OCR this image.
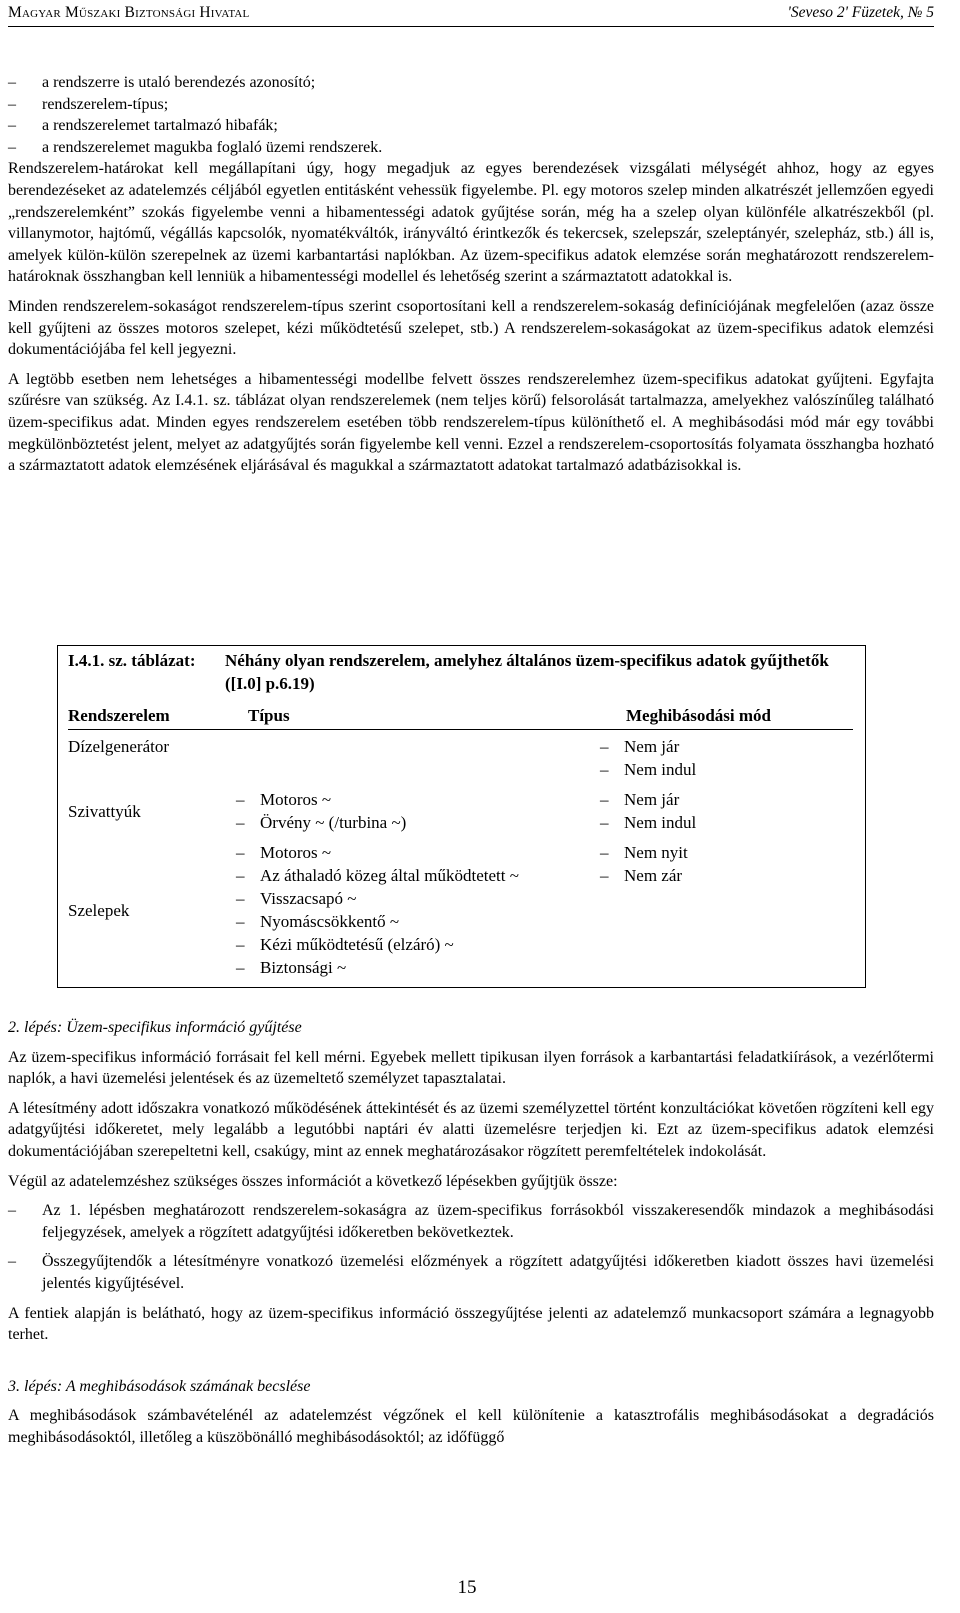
Magyar Műszaki Biztonsági Hivatal	'Seveso 2' Füzetek, № 5
– a rendszerre is utaló berendezés azonosító;
– rendszerelem-típus;
– a rendszerelemet tartalmazó hibafák;
– a rendszerelemet magukba foglaló üzemi rendszerek.

Rendszerelem-határokat kell megállapítani úgy, hogy megadjuk az egyes berendezések vizsgálati mélységét ahhoz, hogy az egyes berendezéseket az adatelemzés céljából egyetlen entitásként vehessük figyelembe. Pl. egy motoros szelep minden alkatrészét jellemzően egyedi „rendszerelemként” szokás figyelembe venni a hibamentességi adatok gyűjtése során, még ha a szelep olyan különféle alkatrészekből (pl. villanymotor, hajtómű, végállás kapcsolók, nyomatékváltók, irányváltó érintkezők és tekercsek, szelepszár, szeleptányér, szelepház, stb.) áll is, amelyek külön-külön szerepelnek az üzemi karbantartási naplókban. Az üzem-specifikus adatok elemzése során meghatározott rendszerelem-határoknak összhangban kell lenniük a hibamentességi modellel és lehetőség szerint a származtatott adatokkal is.

Minden rendszerelem-sokaságot rendszerelem-típus szerint csoportosítani kell a rendszerelem-sokaság definíciójának megfelelően (azaz össze kell gyűjteni az összes motoros szelepet, kézi működtetésű szelepet, stb.) A rendszerelem-sokaságokat az üzem-specifikus adatok elemzési dokumentációjába fel kell jegyezni.

A legtöbb esetben nem lehetséges a hibamentességi modellbe felvett összes rendszerelemhez üzem-specifikus adatokat gyűjteni. Egyfajta szűrésre van szükség. Az I.4.1. sz. táblázat olyan rendszerelemek (nem teljes körű) felsorolását tartalmazza, amelyekhez valószínűleg található üzem-specifikus adat. Minden egyes rendszerelem esetében több rendszerelem-típus különíthető el. A meghibásodási mód már egy további megkülönböztetést jelent, melyet az adatgyűjtés során figyelembe kell venni. Ezzel a rendszerelem-csoportosítás folyamata összhangba hozható a származtatott adatok elemzésének eljárásával és magukkal a származtatott adatokat tartalmazó adatbázisokkal is.

I.4.1. sz. táblázat: Néhány olyan rendszerelem, amelyhez általános üzem-specifikus adatok gyűjthetők ([I.0] p.6.19)
Rendszerelem	Típus	Meghibásodási mód
Dízelgenerátor
–	Nem jár
– Nem indul
Szivattyúk
– Motoros ~
– Örvény ~ (/turbina ~)
– Nem jár
– Nem indul
Szelepek
– Motoros ~
– Az áthaladó közeg által működtetett ~
– Visszacsapó ~
– Nyomáscsökkentő ~
– Kézi működtetésű (elzáró) ~
– Biztonsági ~
– Nem nyit
– Nem zár
2. lépés: Üzem-specifikus információ gyűjtése

Az üzem-specifikus információ forrásait fel kell mérni. Egyebek mellett tipikusan ilyen források a karbantartási feladatkiírások, a vezérlőtermi naplók, a havi üzemelési jelentések és az üzemeltető személyzet tapasztalatai.

A létesítmény adott időszakra vonatkozó működésének áttekintését és az üzemi személyzettel történt konzultációkat követően rögzíteni kell egy adatgyűjtési időkeretet, mely legalább a legutóbbi naptári év alatti üzemelésre terjedjen ki. Ezt az üzem-specifikus adatok elemzési dokumentációjában szerepeltetni kell, csakúgy, mint az ennek meghatározásakor rögzített peremfeltételek indokolását.

Végül az adatelemzéshez szükséges összes információt a következő lépésekben gyűjtjük össze:

– Az 1. lépésben meghatározott rendszerelem-sokaságra az üzem-specifikus forrásokból visszakeresendők mindazok a meghibásodási feljegyzések, amelyek a rögzített adatgyűjtési időkeretben bekövetkeztek.
– Összegyűjtendők a létesítményre vonatkozó üzemelési előzmények a rögzített adatgyűjtési időkeretben kiadott összes havi üzemelési jelentés kigyűjtésével.

A fentiek alapján is belátható, hogy az üzem-specifikus információ összegyűjtése jelenti az adatelemző munkacsoport számára a legnagyobb terhet.

3. lépés: A meghibásodások számának becslése

A meghibásodások számbavételénél az adatelemzést végzőnek el kell különítenie a katasztrofális meghibásodásokat a degradációs meghibásodásoktól, illetőleg a küszöbönálló meghibásodásoktól; az időfüggő

15
